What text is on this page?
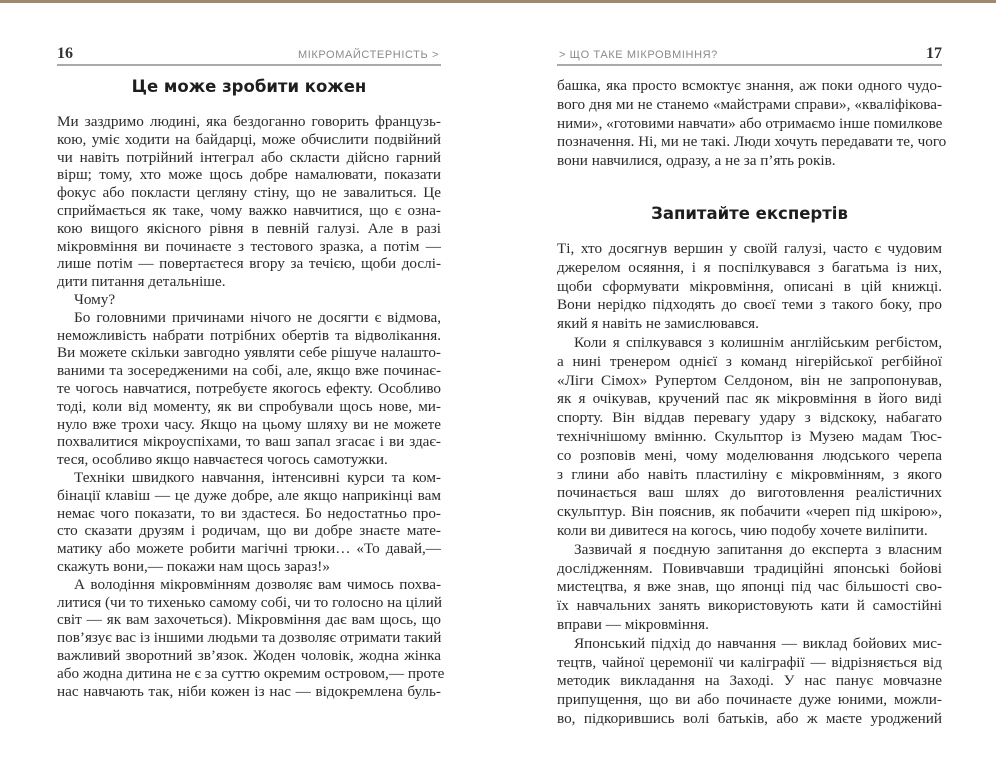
16	МІКРОМАЙСТЕРНІСТЬ >
Це може зробити кожен
Ми заздримо людині, яка бездоганно говорить французь-
кою, уміє ходити на байдарці, може обчислити подвійний
чи навіть потрійний інтеграл або скласти дійсно гарний
вірш; тому, хто може щось добре намалювати, показати
фокус або покласти цегляну стіну, що не завалиться. Це
сприймається як таке, чому важко навчитися, що є озна-
кою вищого якісного рівня в певній галузі. Але в разі
мікровміння ви починаєте з тестового зразка, а потім —
лише потім — повертаєтеся вгору за течією, щоби дослі-
дити питання детальніше.
Чому?
Бо головними причинами нічого не досягти є відмова,
неможливість набрати потрібних обертів та відволікання.
Ви можете скільки завгодно уявляти себе рішуче налашто-
ваними та зосередженими на собі, але, якщо вже починає-
те чогось навчатися, потребуєте якогось ефекту. Особливо
тоді, коли від моменту, як ви спробували щось нове, ми-
нуло вже трохи часу. Якщо на цьому шляху ви не можете
похвалитися мікроуспіхами, то ваш запал згасає і ви здає-
теся, особливо якщо навчаєтеся чогось самотужки.
Техніки швидкого навчання, інтенсивні курси та ком-
бінації клавіш — це дуже добре, але якщо наприкінці вам
немає чого показати, то ви здастеся. Бо недостатньо про-
сто сказати друзям і родичам, що ви добре знаєте мате-
матику або можете робити магічні трюки… «То давай,—
скажуть вони,— покажи нам щось зараз!»
А володіння мікровмінням дозволяє вам чимось похва-
литися (чи то тихенько самому собі, чи то голосно на цілий
світ — як вам захочеться). Мікровміння дає вам щось, що
пов’язує вас із іншими людьми та дозволяє отримати такий
важливий зворотний зв’язок. Жоден чоловік, жодна жінка
або жодна дитина не є за суттю окремим островом,— проте
нас навчають так, ніби кожен із нас — відокремлена буль-
> ЩО ТАКЕ МІКРОВМІННЯ?	17
башка, яка просто всмоктує знання, аж поки одного чудо-
вого дня ми не станемо «майстрами справи», «кваліфікова-
ними», «готовими навчати» або отримаємо інше помилкове
позначення. Ні, ми не такі. Люди хочуть передавати те, чого
вони навчилися, одразу, а не за п’ять років.
Запитайте експертів
Ті, хто досягнув вершин у своїй галузі, часто є чудовим
джерелом осяяння, і я поспілкувався з багатьма із них,
щоби сформувати мікровміння, описані в цій книжці.
Вони нерідко підходять до своєї теми з такого боку, про
який я навіть не замислювався.
Коли я спілкувався з колишнім англійським регбістом,
а нині тренером однієї з команд нігерійської регбійної
«Ліги Сімох» Рупертом Селдоном, він не запропонував,
як я очікував, кручений пас як мікровміння в його виді
спорту. Він віддав перевагу удару з відскоку, набагато
технічнішому вмінню. Скульптор із Музею мадам Тюс-
со розповів мені, чому моделювання людського черепа
з глини або навіть пластиліну є мікровмінням, з якого
починається ваш шлях до виготовлення реалістичних
скульптур. Він пояснив, як побачити «череп під шкірою»,
коли ви дивитеся на когось, чию подобу хочете виліпити.
Зазвичай я поєдную запитання до експерта з власним
дослідженням. Повивчавши традиційні японські бойові
мистецтва, я вже знав, що японці під час більшості сво-
їх навчальних занять використовують кати й самостійні
вправи — мікровміння.
Японський підхід до навчання — виклад бойових мис-
тецтв, чайної церемонії чи каліграфії — відрізняється від
методик викладання на Заході. У нас панує мовчазне
припущення, що ви або починаєте дуже юними, можли-
во, підкорившись волі батьків, або ж маєте уроджений
